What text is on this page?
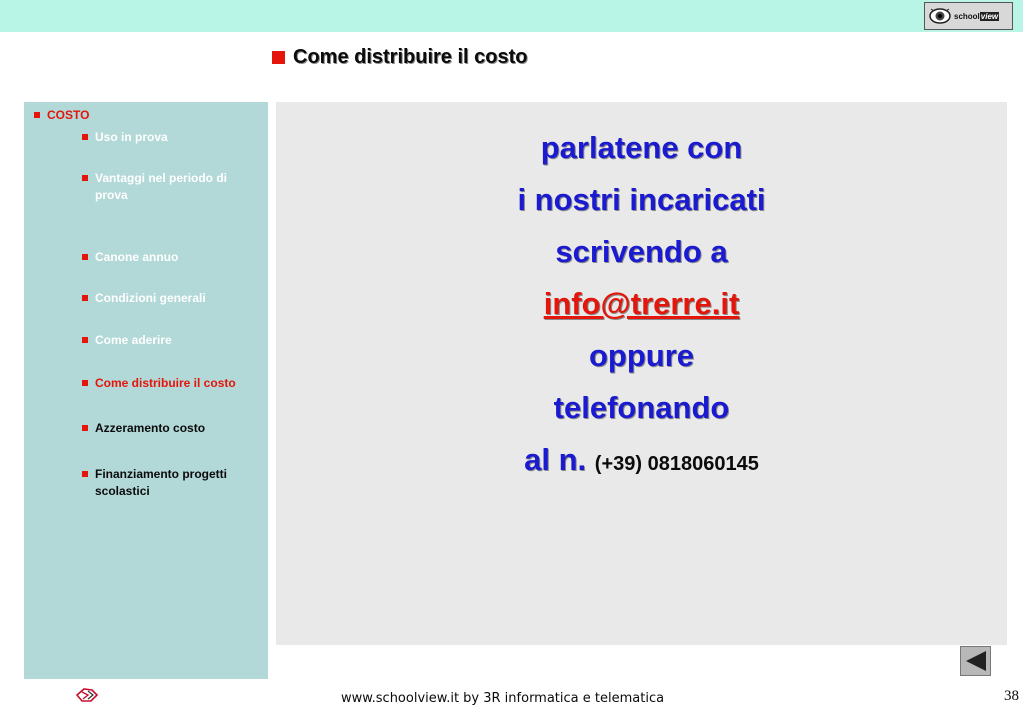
schoolview
Come distribuire il costo
COSTO
Uso in prova
Vantaggi nel periodo di prova
Canone annuo
Condizioni generali
Come aderire
Come distribuire il costo
Azzeramento costo
Finanziamento progetti scolastici
parlatene con
i nostri incaricati
scrivendo a
info@trerre.it
oppure
telefonando
al n. (+39) 0818060145
www.schoolview.it by 3R informatica e telematica	38
